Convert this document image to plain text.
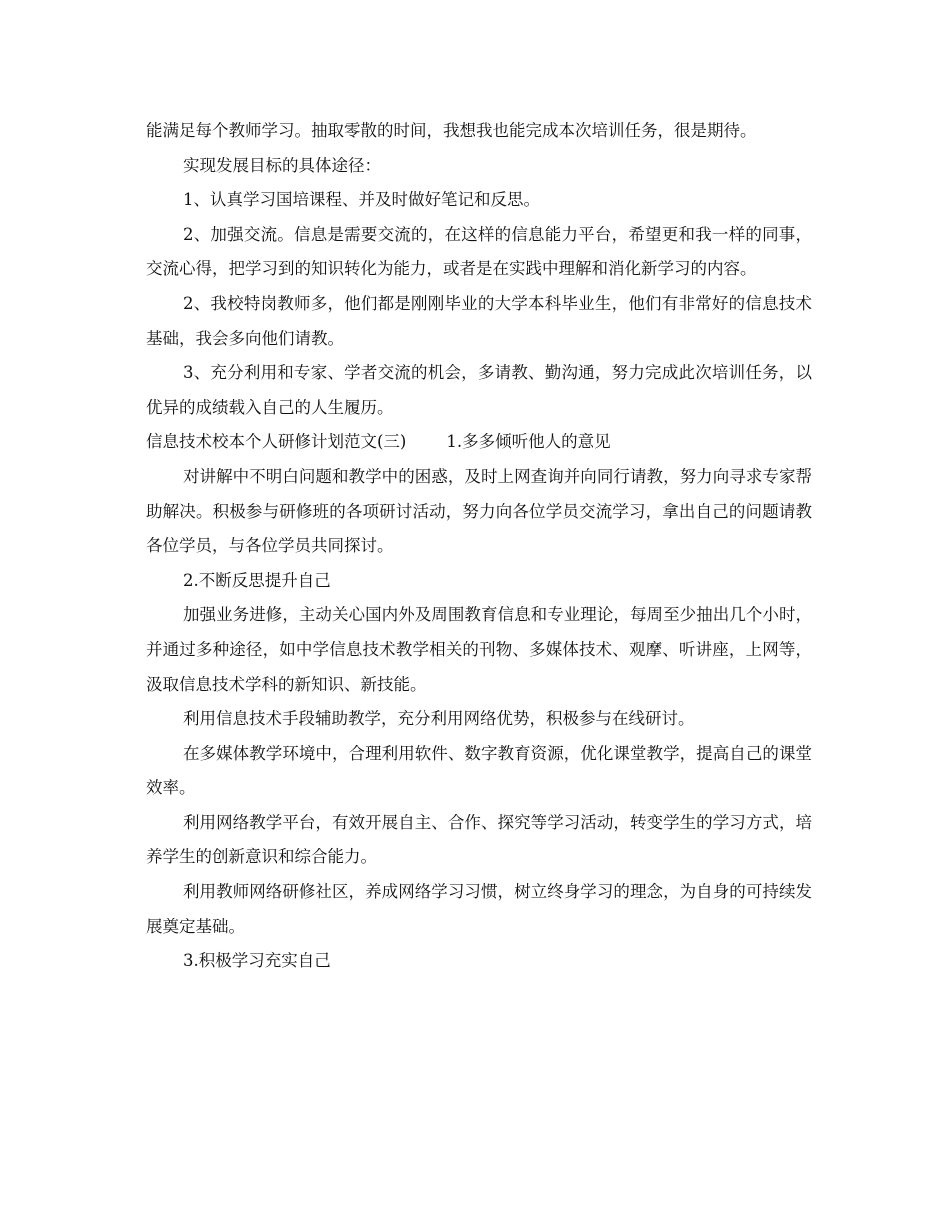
能满足每个教师学习。抽取零散的时间，我想我也能完成本次培训任务，很是期待。

实现发展目标的具体途径：

1、认真学习国培课程、并及时做好笔记和反思。

2、加强交流。信息是需要交流的，在这样的信息能力平台，希望更和我一样的同事，交流心得，把学习到的知识转化为能力，或者是在实践中理解和消化新学习的内容。

2、我校特岗教师多，他们都是刚刚毕业的大学本科毕业生，他们有非常好的信息技术基础，我会多向他们请教。

3、充分利用和专家、学者交流的机会，多请教、勤沟通，努力完成此次培训任务，以优异的成绩载入自己的人生履历。

信息技术校本个人研修计划范文(三) 1.多多倾听他人的意见

对讲解中不明白问题和教学中的困惑，及时上网查询并向同行请教，努力向寻求专家帮助解决。积极参与研修班的各项研讨活动，努力向各位学员交流学习，拿出自己的问题请教各位学员，与各位学员共同探讨。

2.不断反思提升自己

加强业务进修，主动关心国内外及周围教育信息和专业理论，每周至少抽出几个小时，并通过多种途径，如中学信息技术教学相关的刊物、多媒体技术、观摩、听讲座，上网等，汲取信息技术学科的新知识、新技能。

利用信息技术手段辅助教学，充分利用网络优势，积极参与在线研讨。

在多媒体教学环境中，合理利用软件、数字教育资源，优化课堂教学，提高自己的课堂效率。

利用网络教学平台，有效开展自主、合作、探究等学习活动，转变学生的学习方式，培养学生的创新意识和综合能力。

利用教师网络研修社区，养成网络学习习惯，树立终身学习的理念，为自身的可持续发展奠定基础。

3.积极学习充实自己
